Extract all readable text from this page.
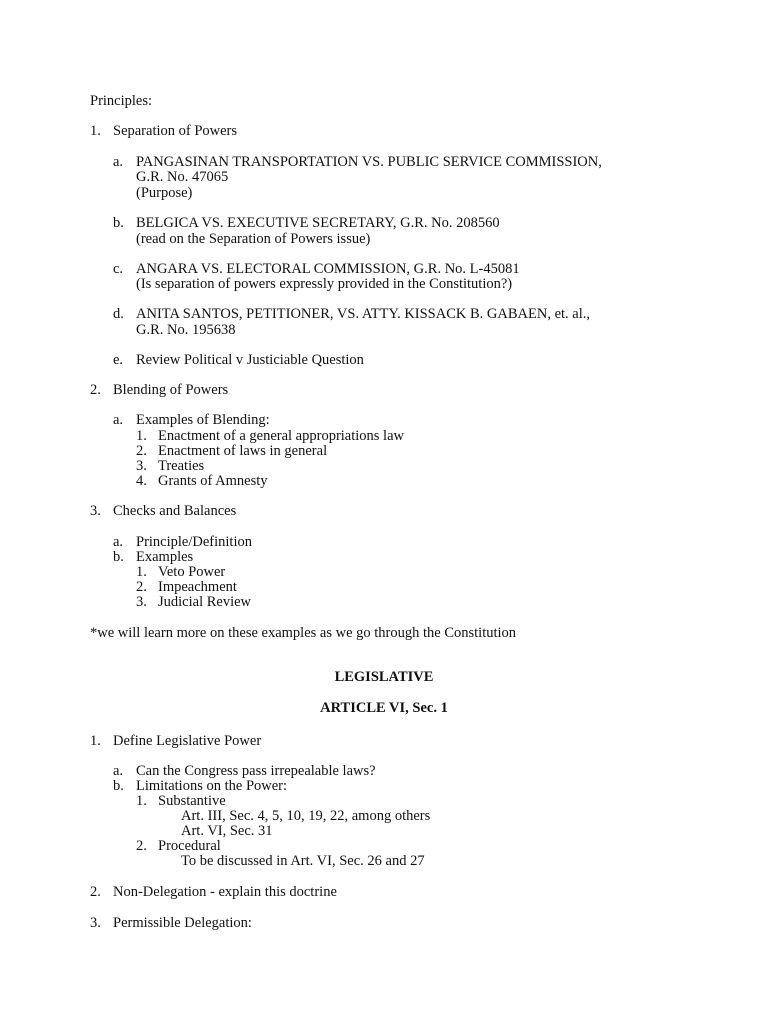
Principles:
1. Separation of Powers
a. PANGASINAN TRANSPORTATION VS. PUBLIC SERVICE COMMISSION,
G.R. No. 47065
(Purpose)
b. BELGICA VS. EXECUTIVE SECRETARY, G.R. No. 208560
(read on the Separation of Powers issue)
c. ANGARA VS. ELECTORAL COMMISSION, G.R. No. L-45081
(Is separation of powers expressly provided in the Constitution?)
d. ANITA SANTOS, PETITIONER, VS. ATTY. KISSACK B. GABAEN, et. al.,
G.R. No. 195638
e. Review Political v Justiciable Question
2. Blending of Powers
a. Examples of Blending:
1. Enactment of a general appropriations law
2. Enactment of laws in general
3. Treaties
4. Grants of Amnesty
3. Checks and Balances
a. Principle/Definition
b. Examples
1. Veto Power
2. Impeachment
3. Judicial Review
*we will learn more on these examples as we go through the Constitution
LEGISLATIVE
ARTICLE VI, Sec. 1
1. Define Legislative Power
a. Can the Congress pass irrepealable laws?
b. Limitations on the Power:
1. Substantive
Art. III, Sec. 4, 5, 10, 19, 22, among others
Art. VI, Sec. 31
2. Procedural
To be discussed in Art. VI, Sec. 26 and 27
2. Non-Delegation - explain this doctrine
3. Permissible Delegation:
